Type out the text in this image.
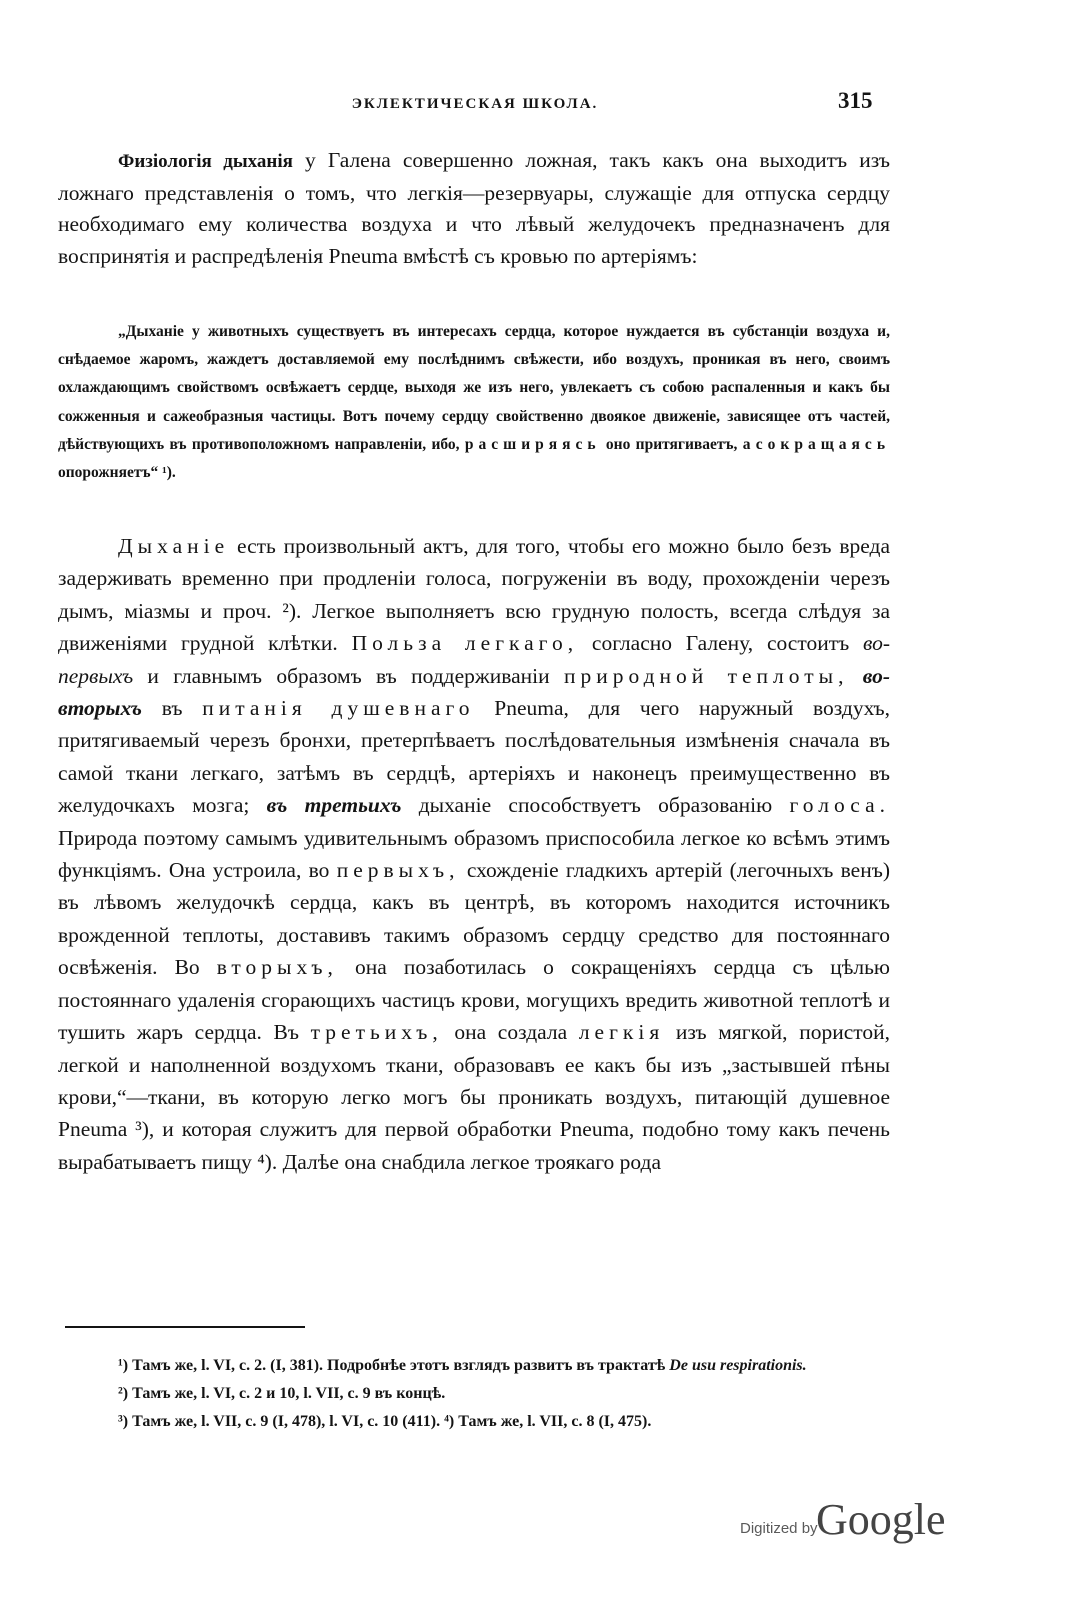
ЭКЛЕКТИЧЕСКАЯ ШКОЛА.	315
Физiологiя дыханiя у Галена совершенно ложная, такъ какъ она выходитъ изъ ложнаго представленiя о томъ, что легкiя—резервуары, служащiе для отпуска сердцу необходимаго ему количества воздуха и что лѣвый желудочекъ предназначенъ для воспринятiя и распредѣленiя Pneuma вмѣстѣ съ кровью по артерiямъ:
„Дыханiе у животныхъ существуетъ въ интересахъ сердца, которое нуждается въ субстанцiи воздуха и, снѣдаемое жаромъ, жаждетъ доставляемой ему послѣднимъ свѣжести, ибо воздухъ, проникая въ него, своимъ охлаждающимъ свойствомъ освѣжаетъ сердце, выходя же изъ него, увлекаетъ съ собою распаленныя и какъ бы сожженныя и сажеобразныя частицы. Вотъ почему сердцу свойственно двоякое движенiе, зависящее отъ частей, дѣйствующихъ въ противоположномъ направленiи, ибо, расширяясь оно притягиваетъ, а сокращаясь опорожняетъ“ ¹).
Дыханiе есть произвольный актъ, для того, чтобы его можно было безъ вреда задерживать временно при продленiи голоса, погруженiи въ воду, прохожденiи черезъ дымъ, мiазмы и проч. ²). Легкое выполняетъ всю грудную полость, всегда слѣдуя за движенiями грудной клѣтки. Польза легкаго, согласно Галену, состоитъ во-первыхъ и главнымъ образомъ въ поддерживанiи природной теплоты, во-вторыхъ въ питанiя душевнаго Pneuma, для чего наружный воздухъ, притягиваемый черезъ бронхи, претерпѣваетъ послѣдовательныя измѣненiя сначала въ самой ткани легкаго, затѣмъ въ сердцѣ, артерiяхъ и наконецъ преимущественно въ желудочкахъ мозга; въ третьихъ дыханiе способствуетъ образованiю голоса. Природа поэтому самымъ удивительнымъ образомъ приспособила легкое ко всѣмъ этимъ функцiямъ. Она устроила, во первыхъ, схожденiе гладкихъ артерiй (легочныхъ венъ) въ лѣвомъ желудочкѣ сердца, какъ въ центрѣ, въ которомъ находится источникъ врожденной теплоты, доставивъ такимъ образомъ сердцу средство для постояннаго освѣженiя. Во вторыхъ, она позаботилась о сокращенiяхъ сердца съ цѣлью постояннаго удаленiя сгорающихъ частицъ крови, могущихъ вредить животной теплотѣ и тушить жаръ сердца. Въ третьихъ, она создала легкiя изъ мягкой, пористой, легкой и наполненной воздухомъ ткани, образовавъ ее какъ бы изъ „застывшей пѣны крови,“—ткани, въ которую легко могъ бы проникать воздухъ, питающiй душевное Pneuma ³), и которая служитъ для первой обработки Pneuma, подобно тому какъ печень вырабатываетъ пищу ⁴). Далѣе она снабдила легкое троякаго рода
¹) Тамъ же, l. VI, c. 2. (I, 381). Подробнѣе этотъ взглядъ развитъ въ трактатѣ De usu respirationis.
²) Тамъ же, l. VI, c. 2 и 10, l. VII, c. 9 въ концѣ.
³) Тамъ же, l. VII, c. 9 (I, 478), l. VI, c. 10 (411). ⁴) Тамъ же, l. VII, c. 8 (I, 475).
Digitized by
Google
